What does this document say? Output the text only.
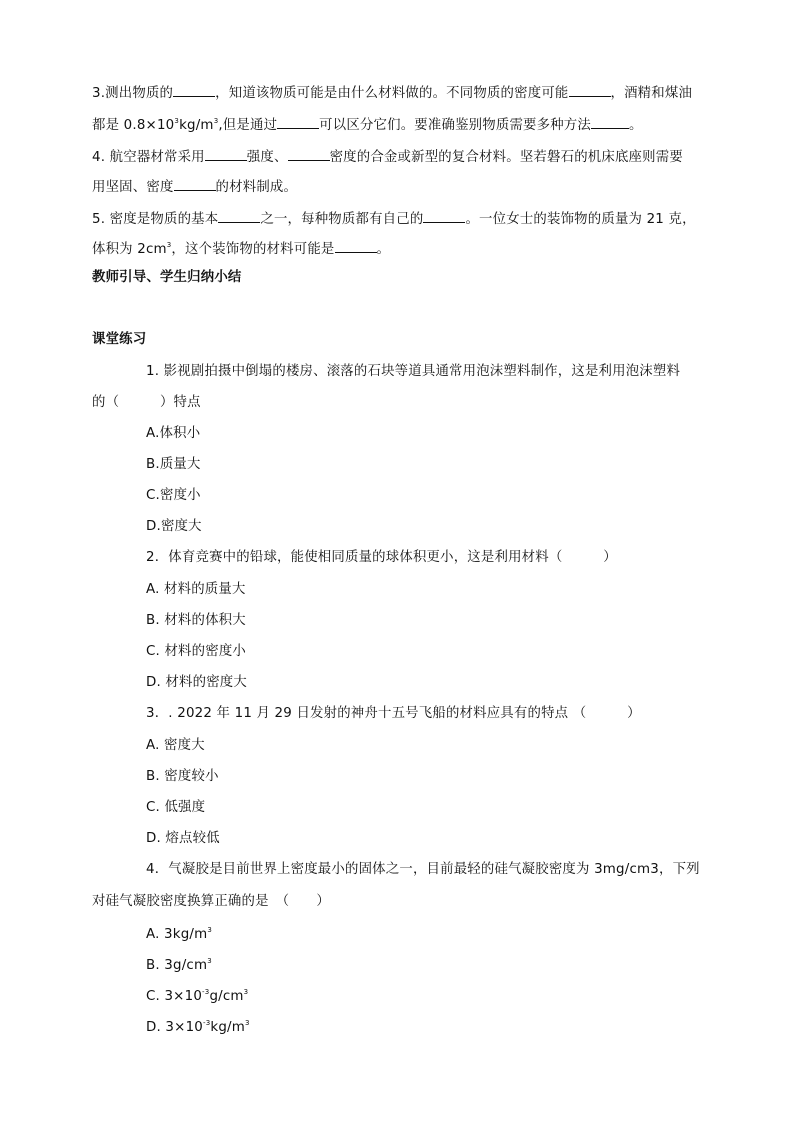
3.测出物质的	，知道该物质可能是由什么材料做的。不同物质的密度可能	，酒精和煤油
都是 $0.8\times 10^3kg/m^3$,但是通过	可以区分它们。要准确鉴别物质需要多种方法	。
4. 航空器材常采用	强度、	密度的合金或新型的复合材料。坚若磐石的机床底座则需要
用坚固、密度	的材料制成。
5. 密度是物质的基本	之一，每种物质都有自己的	。一位女士的装饰物的质量为 21 克，
体积为 $2cm^3$，这个装饰物的材料可能是	。
教师引导、学生归纳小结
课堂练习
1. 影视剧拍摄中倒塌的楼房、滚落的石块等道具通常用泡沫塑料制作，这是利用泡沫塑料
的（　　　）特点
A.体积小
B.质量大
C.密度小
D.密度大
2．体育竞赛中的铅球，能使相同质量的球体积更小，这是利用材料（　　　）
A. 材料的质量大
B. 材料的体积大
C. 材料的密度小
D. 材料的密度大
3．. 2022 年 11 月 29 日发射的神舟十五号飞船的材料应具有的特点 （　　　）
A. 密度大
B. 密度较小
C. 低强度
D. 熔点较低
4．气凝胶是目前世界上密度最小的固体之一，目前最轻的硅气凝胶密度为 3mg/cm3，下列
对硅气凝胶密度换算正确的是　（　　）
A. $3kg/m^3$
B. $3g/cm^3$
C. $3\times 10^{-3}g/cm^3$
D. $3\times 10^{-3}kg/m^3$
